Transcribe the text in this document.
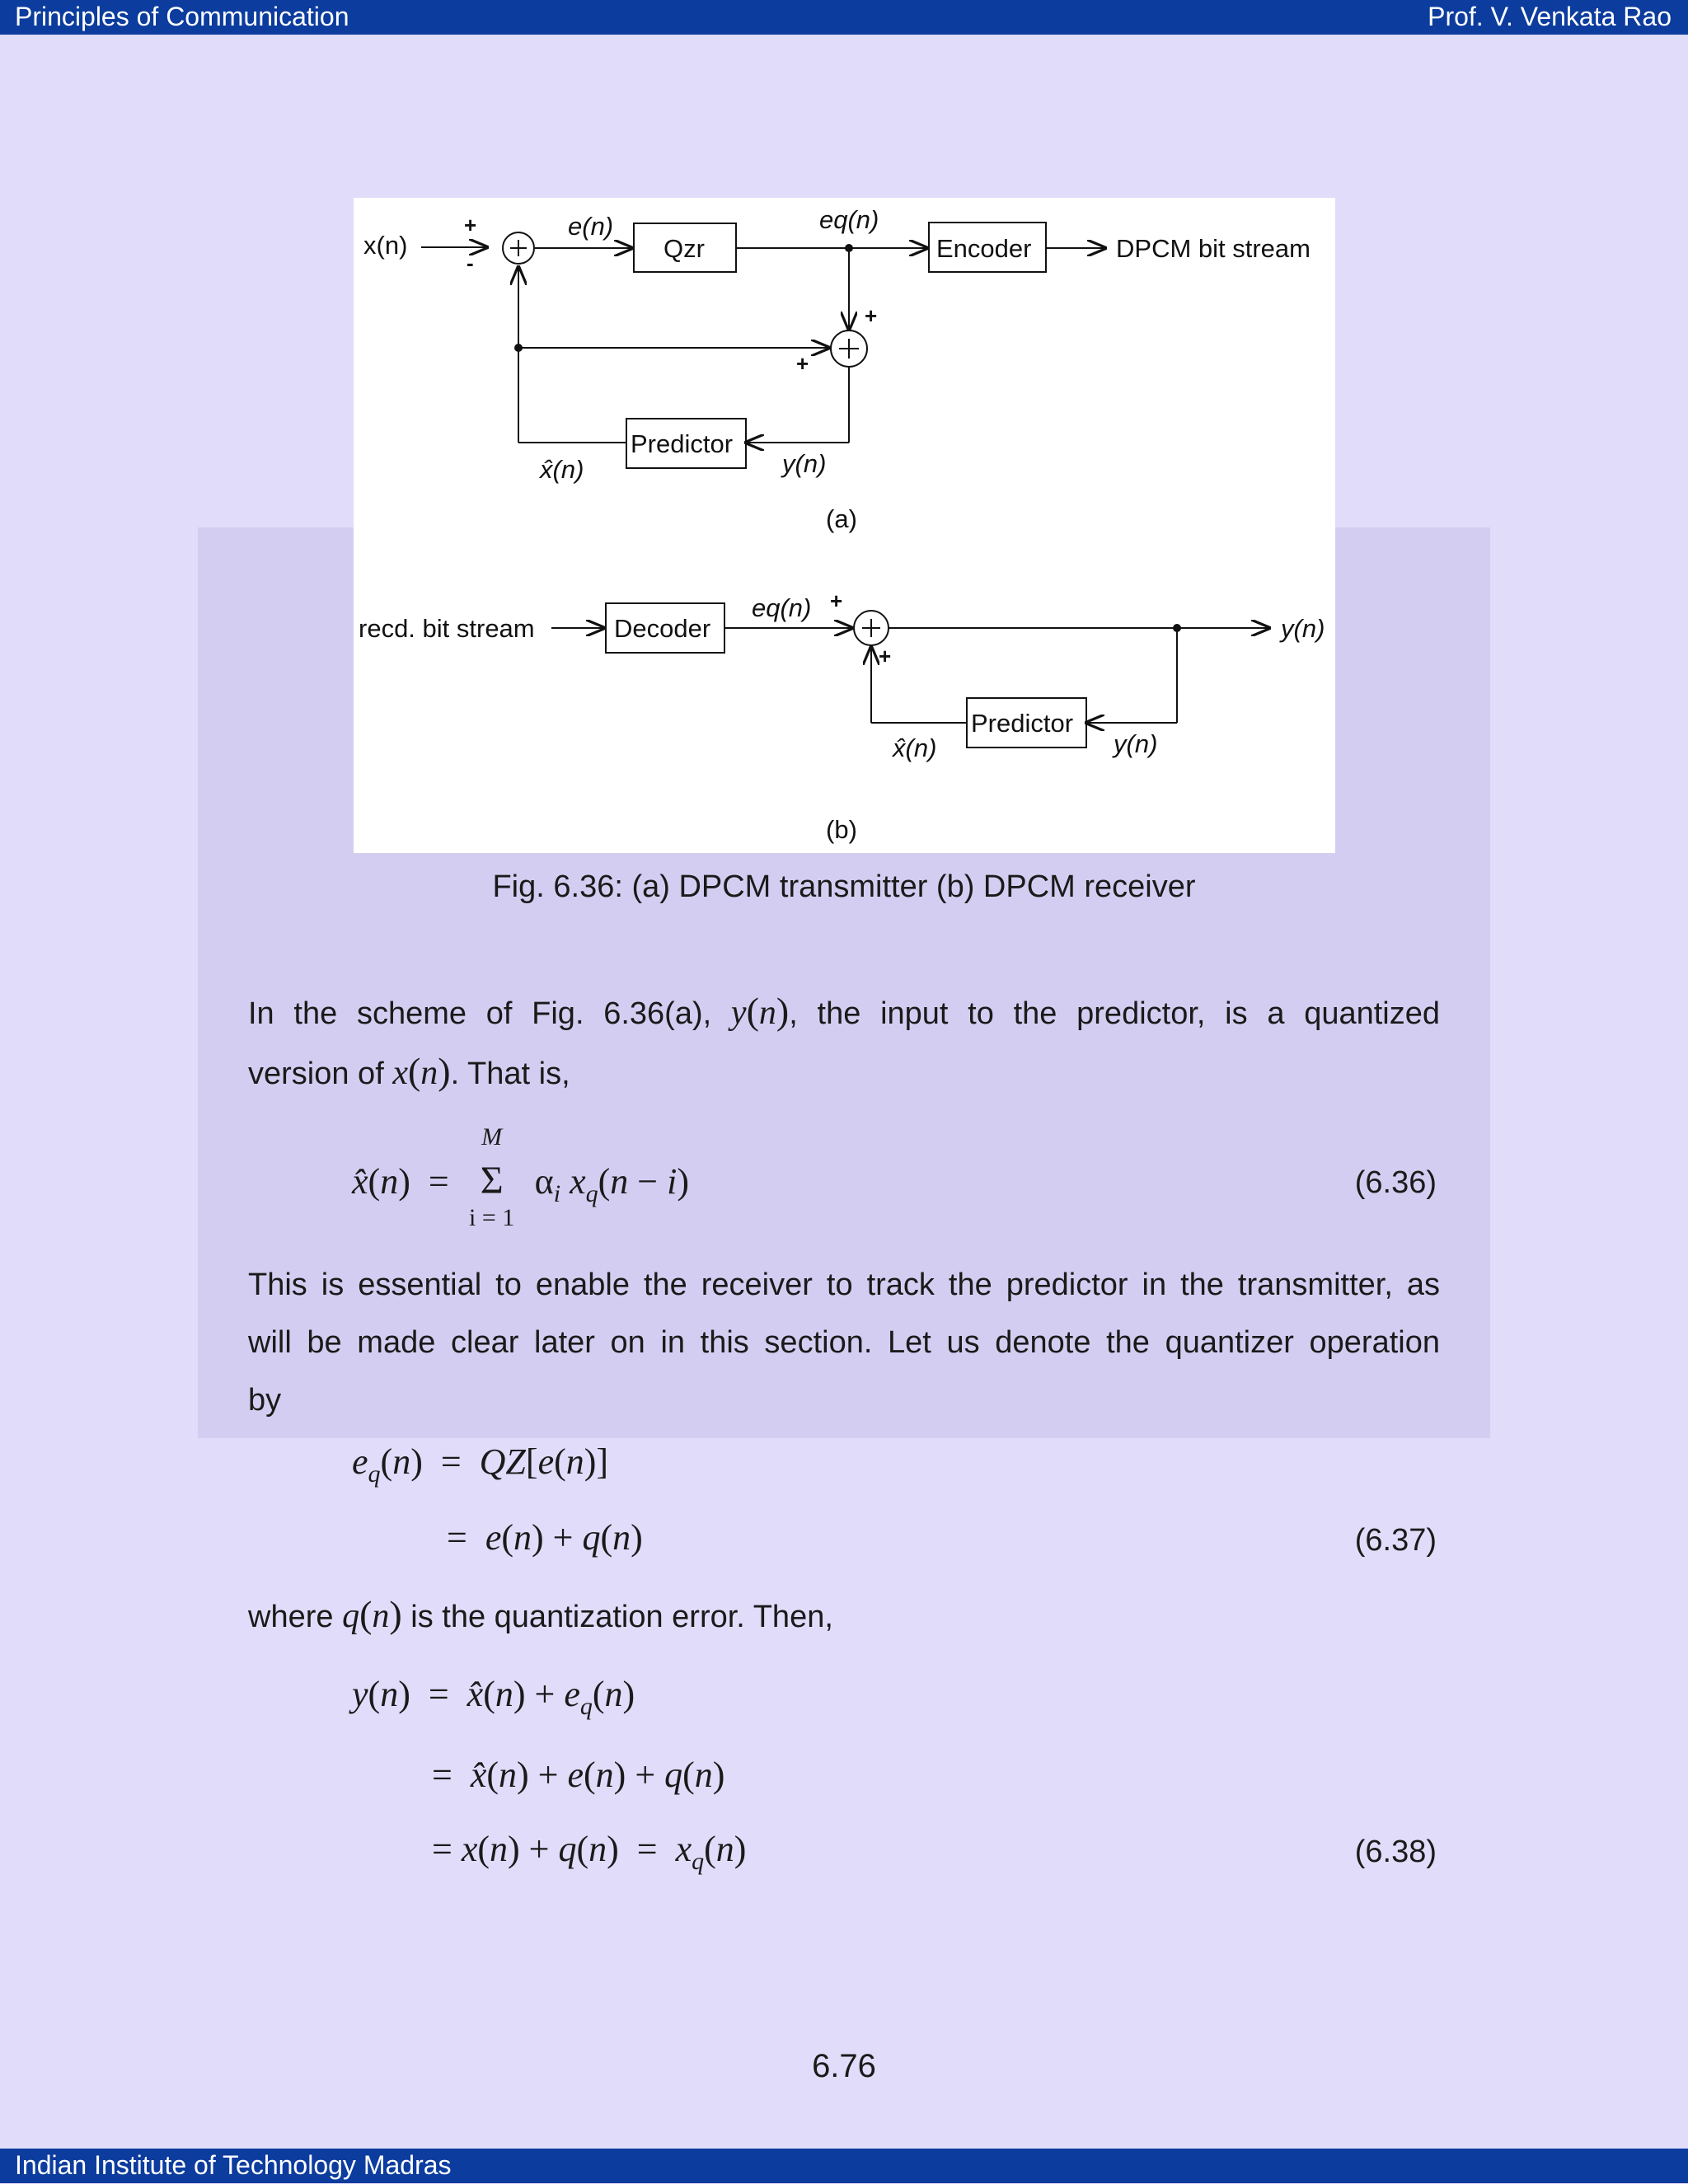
Principles of Communication	Prof. V. Venkata Rao
x(n)
+
-
e(n)
Qzr
eq(n)
Encoder	DPCM bit stream
+
+
Predictor
x̂(n)	y(n)
(a)
recd. bit stream	Decoder
eq(n) +
+
y(n)
Predictor
x̂(n)	y(n)
(b)
Fig. 6.36: (a) DPCM transmitter (b) DPCM receiver
In the scheme of Fig. 6.36(a), y(n), the input to the predictor, is a quantized
version of x(n). That is,
x̂(n)  =
M
Σ
i = 1
$\alpha_i$ $x_q(n - i)$	(6.36)
This is essential to enable the receiver to track the predictor in the transmitter, as
will be made clear later on in this section. Let us denote the quantizer operation
by
$e_q(n) = QZ[e(n)]$
=  e(n) + q(n)	(6.37)
where q(n) is the quantization error. Then,
y(n)  =  x̂(n) + $e_q(n)$
=  x̂(n) + e(n) + q(n)
= $x(n) + q(n) = x_q(n)$	(6.38)
6.76
Indian Institute of Technology Madras
